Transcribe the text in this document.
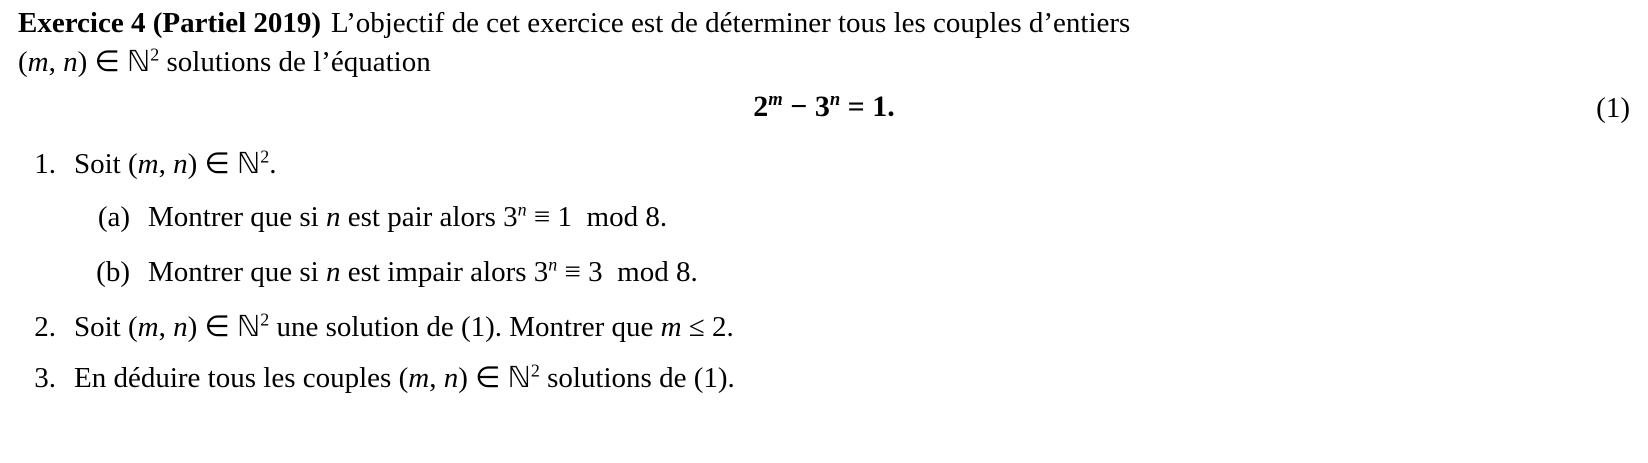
Exercice 4 (Partiel 2019) L’objectif de cet exercice est de déterminer tous les couples d’entiers
(m, n) ∈ ℕ$^2$ solutions de l’équation
$2^m - 3^n = 1$.	(1)
1. Soit (m, n) ∈ ℕ$^2$.
(a) Montrer que si n est pair alors $3^n \equiv 1$ mod 8.
(b) Montrer que si n est impair alors $3^n \equiv 3$ mod 8.
2. Soit (m, n) ∈ ℕ$^2$ une solution de (1). Montrer que m ≤ 2.
3. En déduire tous les couples (m, n) ∈ ℕ$^2$ solutions de (1).
